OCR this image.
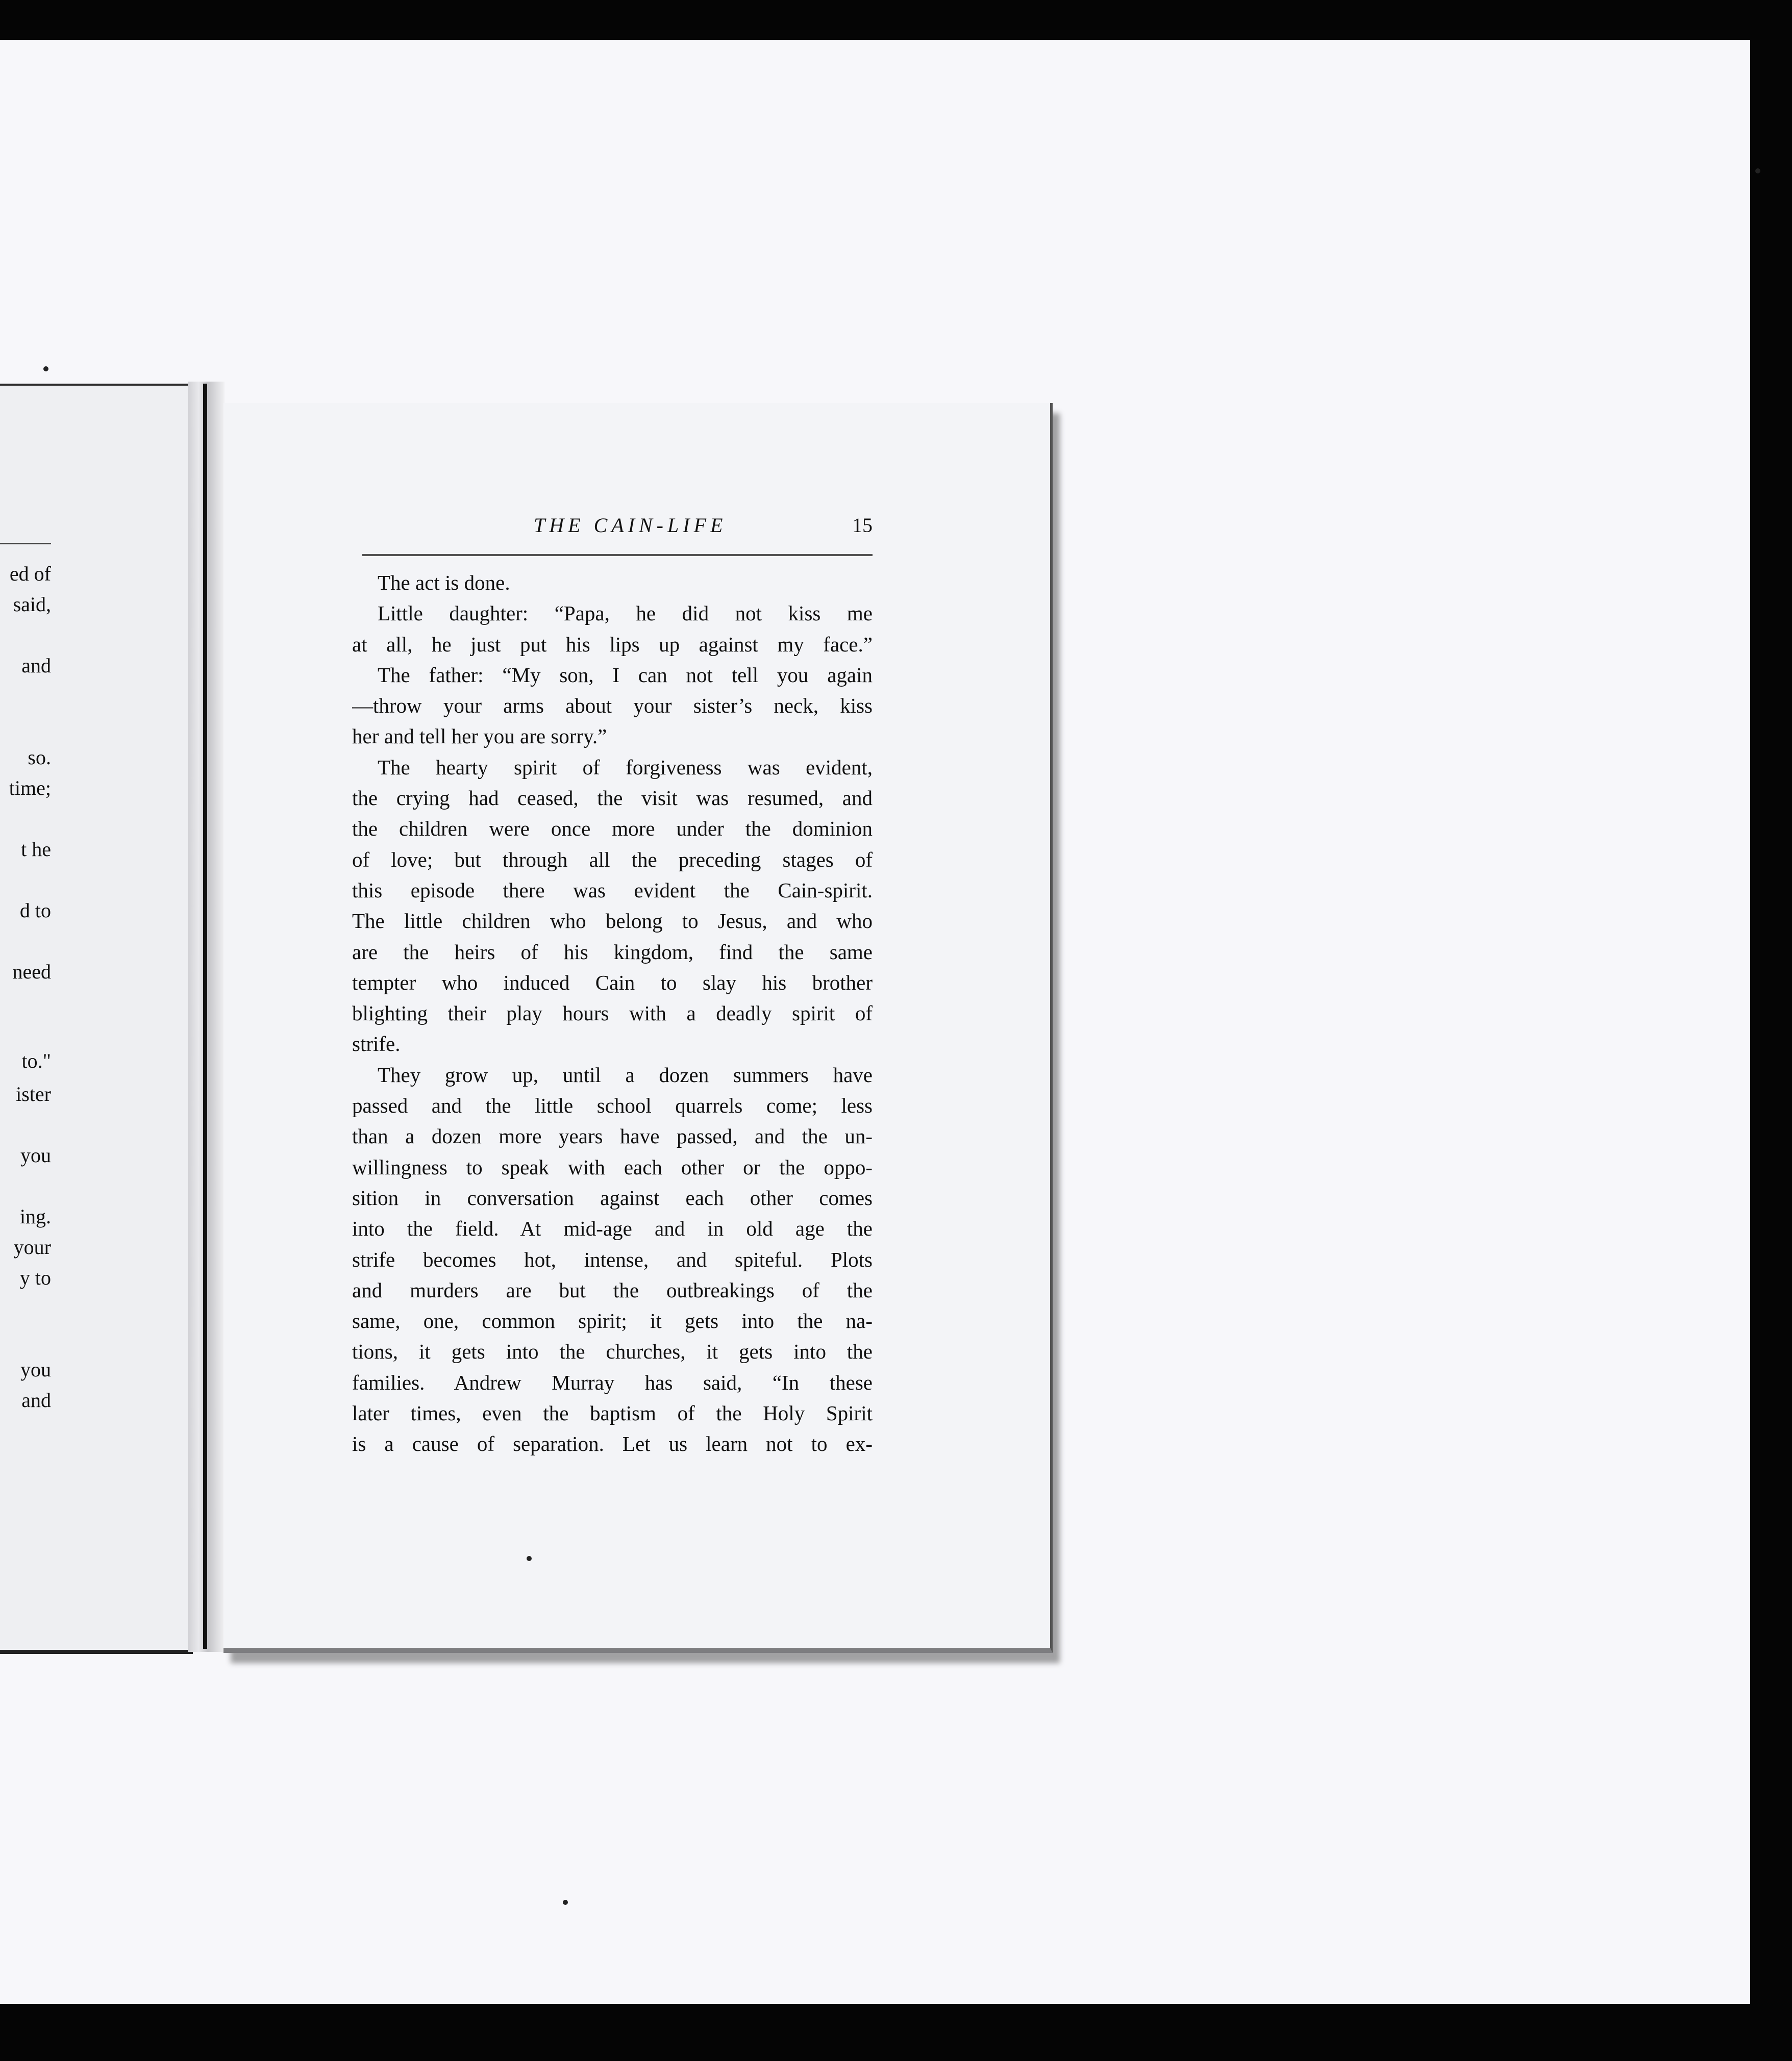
ed of
said,
and
so.
time;
t he
d to
need
to."
ister
you
ing.
your
y to
you
and
THE CAIN-LIFE	15
The act is done.
Little daughter: “Papa, he did not kiss me
at all, he just put his lips up against my face.”
The father: “My son, I can not tell you again
—throw your arms about your sister’s neck, kiss
her and tell her you are sorry.”
The hearty spirit of forgiveness was evident,
the crying had ceased, the visit was resumed, and
the children were once more under the dominion
of love; but through all the preceding stages of
this episode there was evident the Cain-spirit.
The little children who belong to Jesus, and who
are the heirs of his kingdom, find the same
tempter who induced Cain to slay his brother
blighting their play hours with a deadly spirit of
strife.
They grow up, until a dozen summers have
passed and the little school quarrels come; less
than a dozen more years have passed, and the un-
willingness to speak with each other or the oppo-
sition in conversation against each other comes
into the field. At mid-age and in old age the
strife becomes hot, intense, and spiteful. Plots
and murders are but the outbreakings of the
same, one, common spirit; it gets into the na-
tions, it gets into the churches, it gets into the
families. Andrew Murray has said, “In these
later times, even the baptism of the Holy Spirit
is a cause of separation. Let us learn not to ex-
